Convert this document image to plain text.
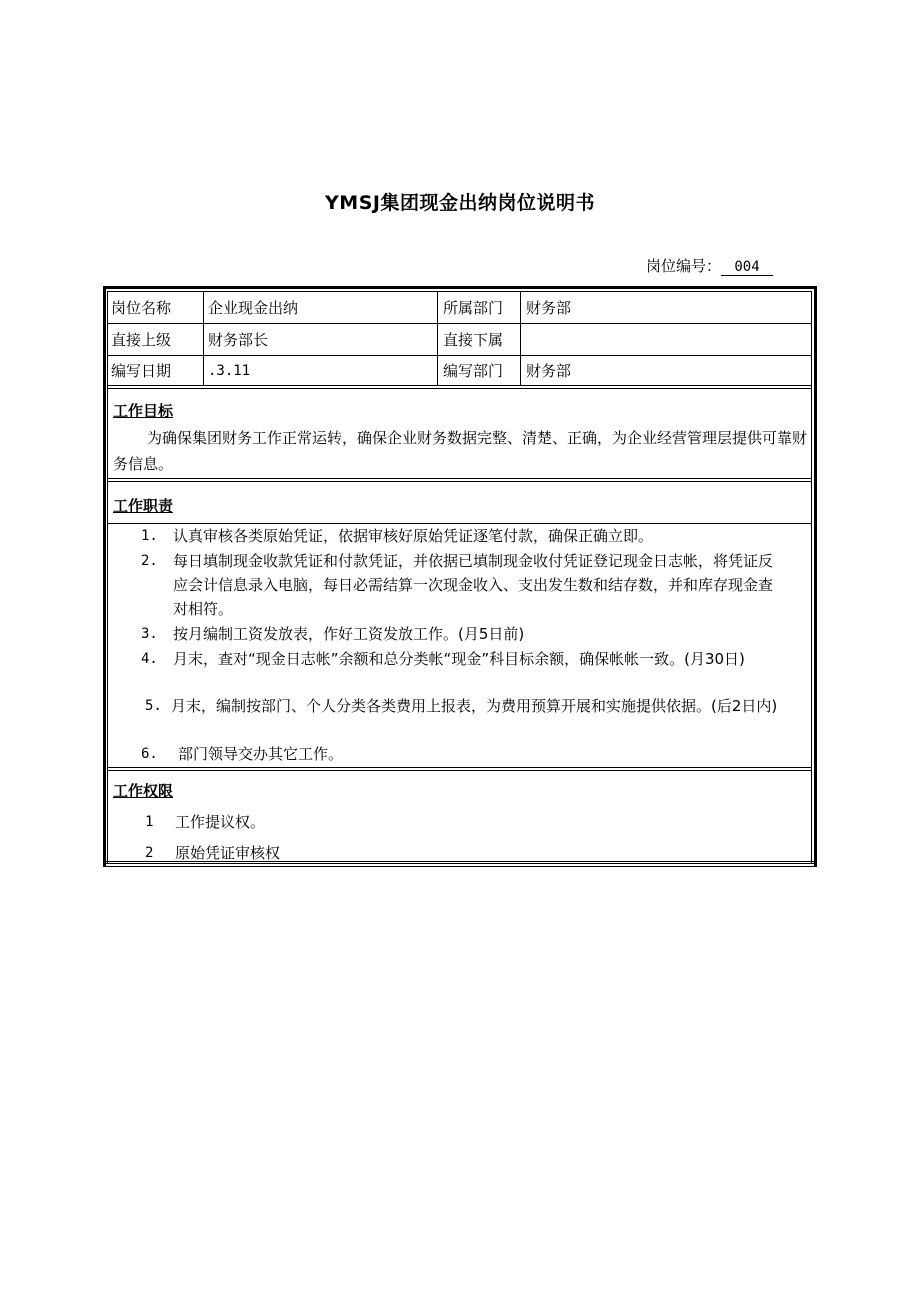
YMSJ集团现金出纳岗位说明书
岗位编号： 004
岗位名称 企业现金出纳	所属部门 财务部
直接上级 财务部长	直接下属
编写日期	.3.11	编写部门 财务部
工作目标
为确保集团财务工作正常运转，确保企业财务数据完整、清楚、正确，为企业经营管理层提供可靠财务信息。
工作职责
1.	认真审核各类原始凭证，依据审核好原始凭证逐笔付款，确保正确立即。
2.	每日填制现金收款凭证和付款凭证，并依据已填制现金收付凭证登记现金日志帐，将凭证反应会计信息录入电脑，每日必需结算一次现金收入、支出发生数和结存数，并和库存现金查对相符。
3.	按月编制工资发放表，作好工资发放工作。(月5日前)
4.	月末，查对“现金日志帐”余额和总分类帐“现金”科目标余额，确保帐帐一致。(月30日)
5. 月末，编制按部门、个人分类各类费用上报表，为费用预算开展和实施提供依据。(后2日内)
6.	部门领导交办其它工作。
工作权限
1	工作提议权。
2	原始凭证审核权
